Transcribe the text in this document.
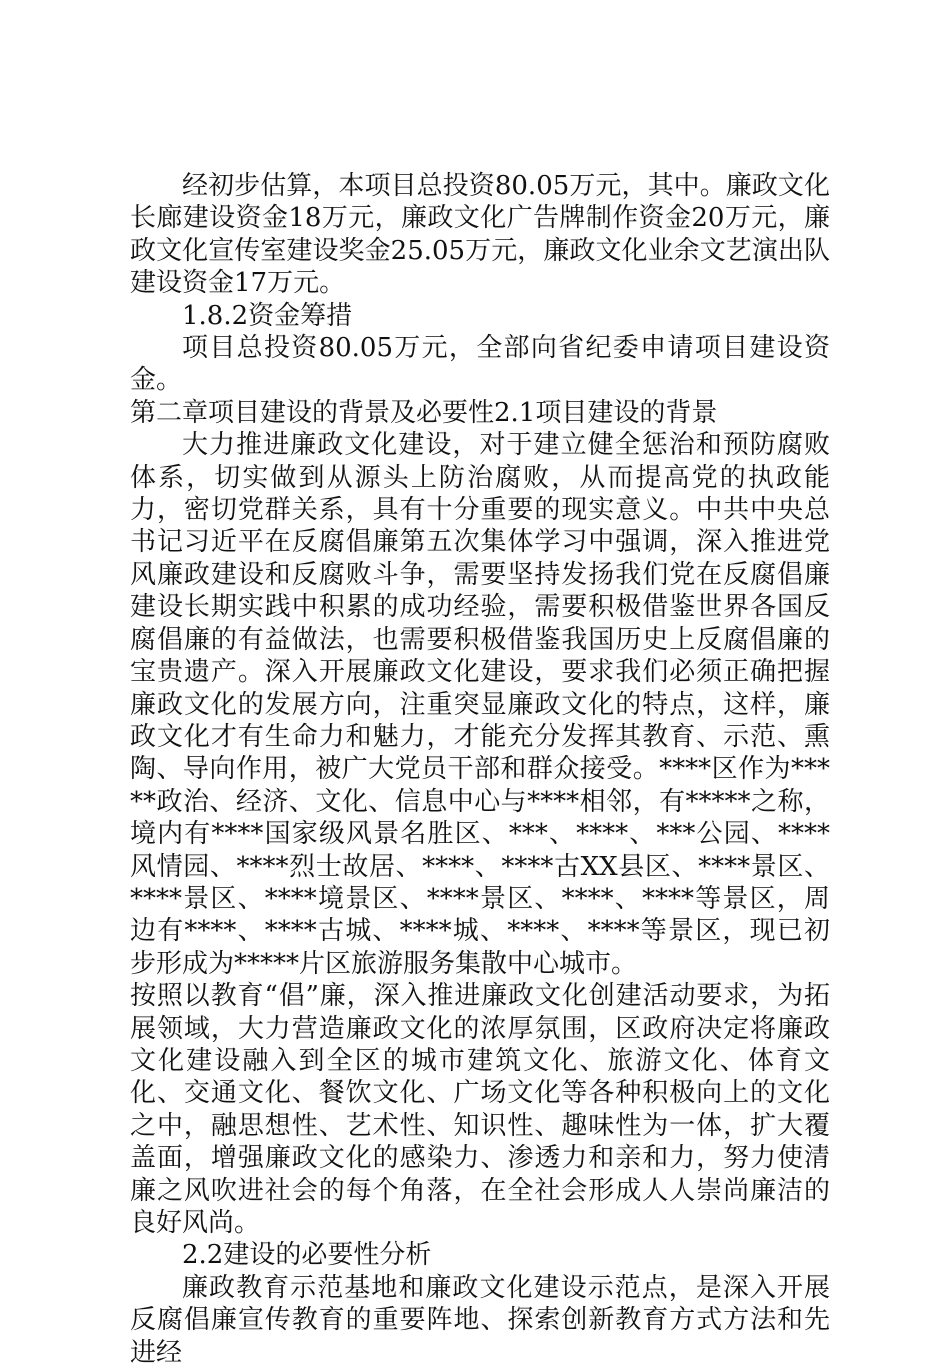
经初步估算，本项目总投资80.05万元，其中。廉政文化长廊建设资金18万元，廉政文化广告牌制作资金20万元，廉政文化宣传室建设奖金25.05万元，廉政文化业余文艺演出队建设资金17万元。

1.8.2资金筹措

项目总投资80.05万元，全部向省纪委申请项目建设资金。

第二章项目建设的背景及必要性2.1项目建设的背景

大力推进廉政文化建设，对于建立健全惩治和预防腐败体系，切实做到从源头上防治腐败，从而提高党的执政能力，密切党群关系，具有十分重要的现实意义。中共中央总书记习近平在反腐倡廉第五次集体学习中强调，深入推进党风廉政建设和反腐败斗争，需要坚持发扬我们党在反腐倡廉建设长期实践中积累的成功经验，需要积极借鉴世界各国反腐倡廉的有益做法，也需要积极借鉴我国历史上反腐倡廉的宝贵遗产。深入开展廉政文化建设，要求我们必须正确把握廉政文化的发展方向，注重突显廉政文化的特点，这样，廉政文化才有生命力和魅力，才能充分发挥其教育、示范、熏陶、导向作用，被广大党员干部和群众接受。****区作为*****政治、经济、文化、信息中心与****相邻，有*****之称，境内有****国家级风景名胜区、***、****、***公园、****风情园、****烈士故居、****、****古XX县区、****景区、****景区、****境景区、****景区、****、****等景区，周边有****、****古城、****城、****、****等景区，现已初步形成为*****片区旅游服务集散中心城市。

按照以教育“倡”廉，深入推进廉政文化创建活动要求，为拓展领域，大力营造廉政文化的浓厚氛围，区政府决定将廉政文化建设融入到全区的城市建筑文化、旅游文化、体育文化、交通文化、餐饮文化、广场文化等各种积极向上的文化之中，融思想性、艺术性、知识性、趣味性为一体，扩大覆盖面，增强廉政文化的感染力、渗透力和亲和力，努力使清廉之风吹进社会的每个角落，在全社会形成人人崇尚廉洁的良好风尚。

2.2建设的必要性分析

廉政教育示范基地和廉政文化建设示范点，是深入开展反腐倡廉宣传教育的重要阵地、探索创新教育方式方法和先进经
